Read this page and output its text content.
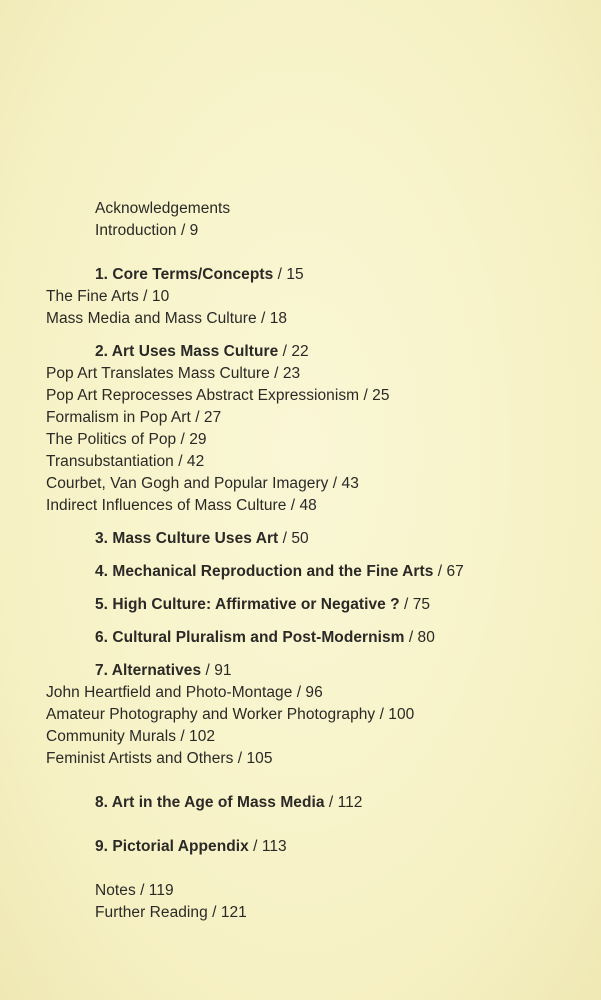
Acknowledgements
Introduction / 9
1. Core Terms/Concepts / 15
The Fine Arts / 10
Mass Media and Mass Culture / 18
2. Art Uses Mass Culture / 22
Pop Art Translates Mass Culture / 23
Pop Art Reprocesses Abstract Expressionism / 25
Formalism in Pop Art / 27
The Politics of Pop / 29
Transubstantiation / 42
Courbet, Van Gogh and Popular Imagery / 43
Indirect Influences of Mass Culture / 48
3. Mass Culture Uses Art / 50
4. Mechanical Reproduction and the Fine Arts / 67
5. High Culture: Affirmative or Negative ? / 75
6. Cultural Pluralism and Post-Modernism / 80
7. Alternatives / 91
John Heartfield and Photo-Montage / 96
Amateur Photography and Worker Photography / 100
Community Murals / 102
Feminist Artists and Others / 105
8. Art in the Age of Mass Media / 112
9. Pictorial Appendix / 113
Notes / 119
Further Reading / 121
